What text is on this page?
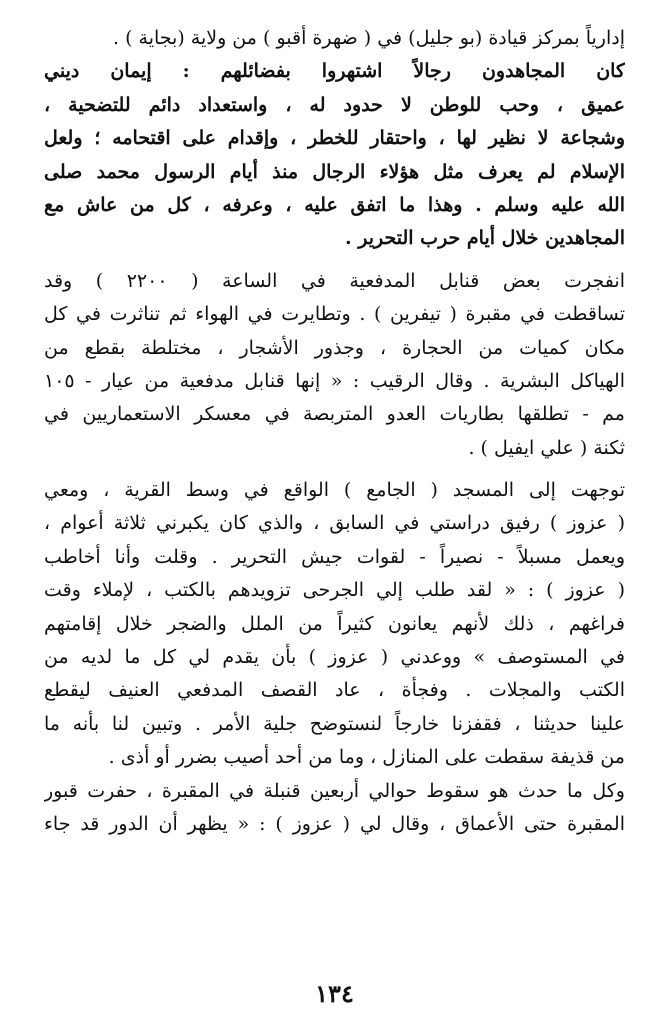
إدارياً بمركز قيادة (بو جليل) في ( ضهرة أقبو ) من ولاية (بجاية ) .
كان المجاهدون رجالاً اشتهروا بفضائلهم : إيمان ديني
عميق ، وحب للوطن لا حدود له ، واستعداد دائم للتضحية ،
وشجاعة لا نظير لها ، واحتقار للخطر ، وإقدام على اقتحامه ؛ ولعل
الإسلام لم يعرف مثل هؤلاء الرجال منذ أيام الرسول محمد صلى
الله عليه وسلم . وهذا ما اتفق عليه ، وعرفه ، كل من عاش مع
المجاهدين خلال أيام حرب التحرير .
انفجرت بعض قنابل المدفعية في الساعة ( ٢٢٠٠ ) وقد
تساقطت في مقبرة ( تيفرين ) . وتطايرت في الهواء ثم تناثرت في كل
مكان كميات من الحجارة ، وجذور الأشجار ، مختلطة بقطع من
الهياكل البشرية . وقال الرقيب : « إنها قنابل مدفعية من عيار - ١٠٥
مم - تطلقها بطاريات العدو المتربصة في معسكر الاستعماريين في
ثكنة ( علي ايفيل ) .
توجهت إلى المسجد ( الجامع ) الواقع في وسط القرية ، ومعي
( عزوز ) رفيق دراستي في السابق ، والذي كان يكبرني ثلاثة أعوام ،
ويعمل مسبلاً - نصيراً - لقوات جيش التحرير . وقلت وأنا أخاطب
( عزوز ) : « لقد طلب إلي الجرحى تزويدهم بالكتب ، لإملاء وقت
فراغهم ، ذلك لأنهم يعانون كثيراً من الملل والضجر خلال إقامتهم
في المستوصف » ووعدني ( عزوز ) بأن يقدم لي كل ما لديه من
الكتب والمجلات . وفجأة ، عاد القصف المدفعي العنيف ليقطع
علينا حديثنا ، فقفزنا خارجاً لنستوضح جلية الأمر . وتبين لنا بأنه ما
من قذيفة سقطت على المنازل ، وما من أحد أصيب بضرر أو أذى .
وكل ما حدث هو سقوط حوالي أربعين قنبلة في المقبرة ، حفرت قبور
المقبرة حتى الأعماق ، وقال لي ( عزوز ) : « يظهر أن الدور قد جاء
١٣٤
